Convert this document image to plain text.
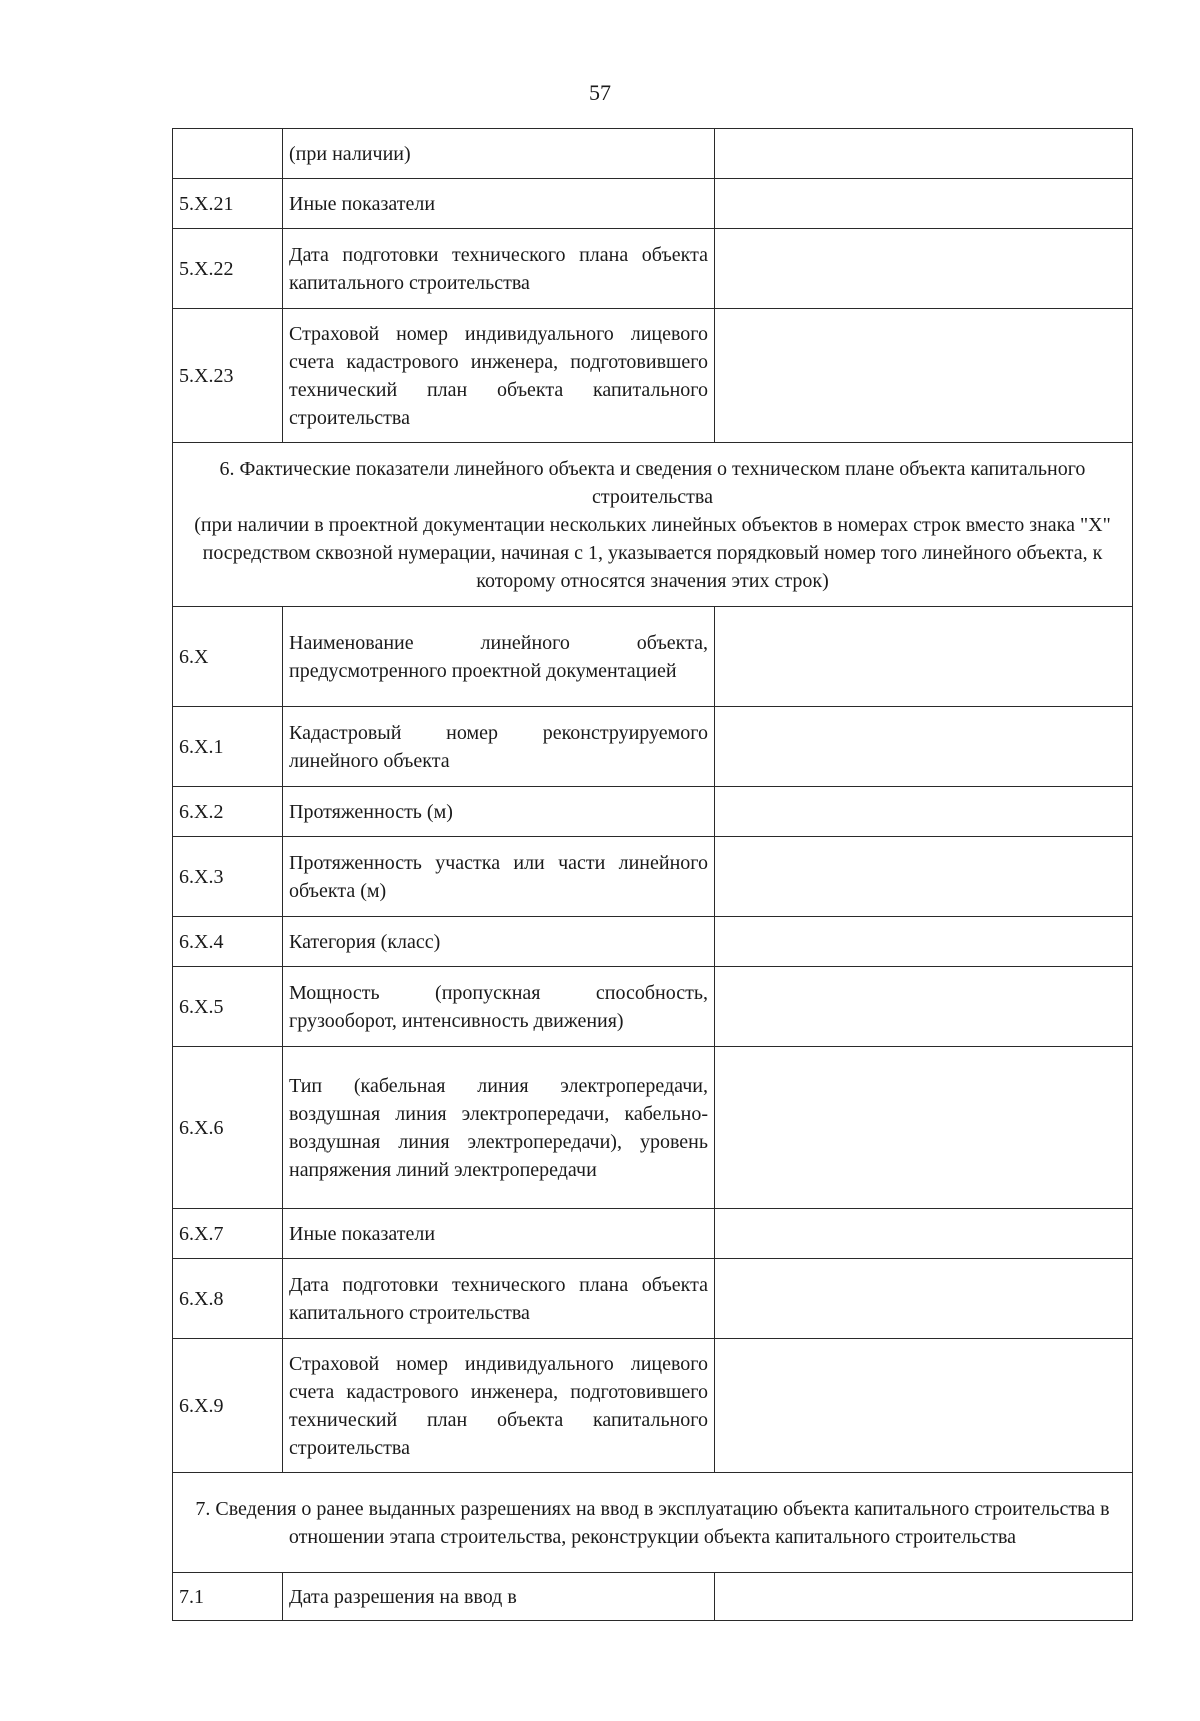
57
	(при наличии)	
5.Х.21	Иные показатели	
5.Х.22	Дата подготовки технического плана объекта капитального строительства	
5.Х.23	Страховой номер индивидуального лицевого счета кадастрового инженера, подготовившего технический план объекта капитального строительства	

6. Фактические показатели линейного объекта и сведения о техническом плане объекта капитального строительства
(при наличии в проектной документации нескольких линейных объектов в номерах строк вместо знака "Х" посредством сквозной нумерации, начиная с 1, указывается порядковый номер того линейного объекта, к которому относятся значения этих строк)		

6.Х	Наименование линейного объекта, предусмотренного проектной документацией	
6.Х.1	Кадастровый номер реконструируемого линейного объекта	
6.Х.2	Протяженность (м)	
6.Х.3	Протяженность участка или части линейного объекта (м)	
6.Х.4	Категория (класс)	
6.Х.5	Мощность (пропускная способность, грузооборот, интенсивность движения)	
6.Х.6	Тип (кабельная линия электропередачи, воздушная линия электропередачи, кабельно-воздушная линия электропередачи), уровень напряжения линий электропередачи	
6.Х.7	Иные показатели	
6.Х.8	Дата подготовки технического плана объекта капитального строительства	
6.Х.9	Страховой номер индивидуального лицевого счета кадастрового инженера, подготовившего технический план объекта капитального строительства	

7. Сведения о ранее выданных разрешениях на ввод в эксплуатацию объекта капитального строительства в отношении этапа строительства, реконструкции объекта капитального строительства		

7.1	Дата разрешения на ввод в	
